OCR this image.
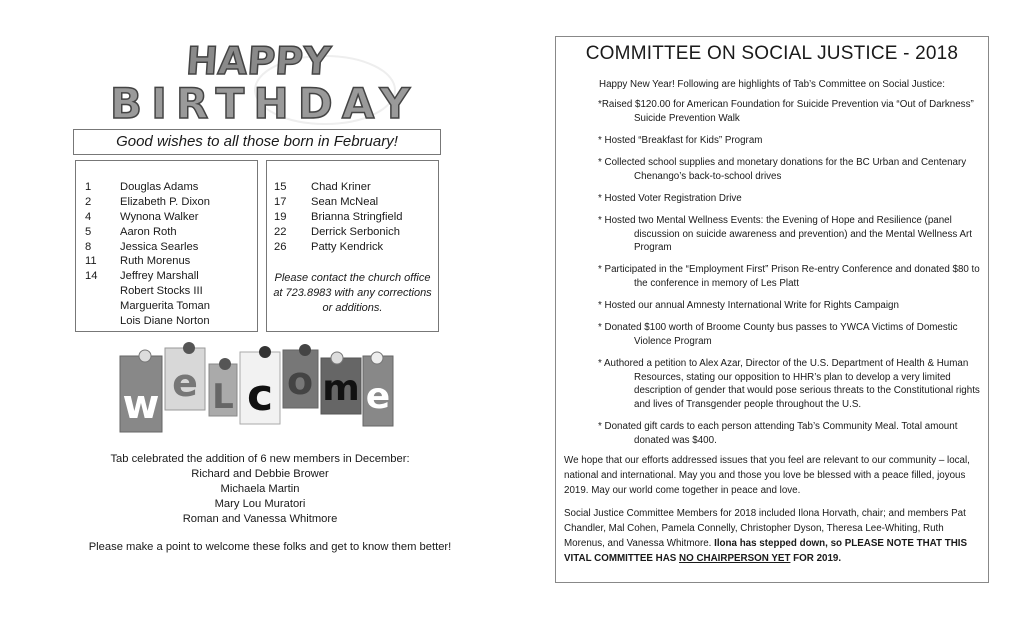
HAPPY
BIRTHDAY
Good wishes to all those born in February!
1	Douglas Adams
2	Elizabeth P. Dixon
4	Wynona Walker
5	Aaron Roth
8	Jessica Searles
11 Ruth Morenus
14 Jeffrey Marshall
Robert Stocks III
Marguerita Toman
Lois Diane Norton
15 Chad Kriner
17 Sean McNeal
19 Brianna Stringfield
22 Derrick Serbonich
26 Patty Kendrick
Please contact the church office at 723.8983 with any corrections or additions.
w e L c o m e
Tab celebrated the addition of 6 new members in December:
Richard and Debbie Brower
Michaela Martin
Mary Lou Muratori
Roman and Vanessa Whitmore
Please make a point to welcome these folks and get to know them better!
COMMITTEE ON SOCIAL JUSTICE - 2018
Happy New Year! Following are highlights of Tab’s Committee on Social Justice:
*Raised $120.00 for American Foundation for Suicide Prevention via “Out of Darkness” Suicide Prevention Walk
* Hosted “Breakfast for Kids” Program
* Collected school supplies and monetary donations for the BC Urban and Centenary Chenango’s back-to-school drives
* Hosted Voter Registration Drive
* Hosted two Mental Wellness Events: the Evening of Hope and Resilience (panel discussion on suicide awareness and prevention) and the Mental Wellness Art Program
* Participated in the “Employment First” Prison Re-entry Conference and donated $80 to the conference in memory of Les Platt
* Hosted our annual Amnesty International Write for Rights Campaign
* Donated $100 worth of Broome County bus passes to YWCA Victims of Domestic Violence Program
* Authored a petition to Alex Azar, Director of the U.S. Department of Health & Human Resources, stating our opposition to HHR’s plan to develop a very limited description of gender that would pose serious threats to the Constitutional rights and lives of Transgender people throughout the U.S.
* Donated gift cards to each person attending Tab’s Community Meal. Total amount donated was $400.
We hope that our efforts addressed issues that you feel are relevant to our community – local, national and international. May you and those you love be blessed with a peace filled, joyous 2019. May our world come together in peace and love.
Social Justice Committee Members for 2018 included Ilona Horvath, chair; and members Pat Chandler, Mal Cohen, Pamela Connelly, Christopher Dyson, Theresa Lee-Whiting, Ruth Morenus, and Vanessa Whitmore. Ilona has stepped down, so PLEASE NOTE THAT THIS VITAL COMMITTEE HAS NO CHAIRPERSON YET FOR 2019.
